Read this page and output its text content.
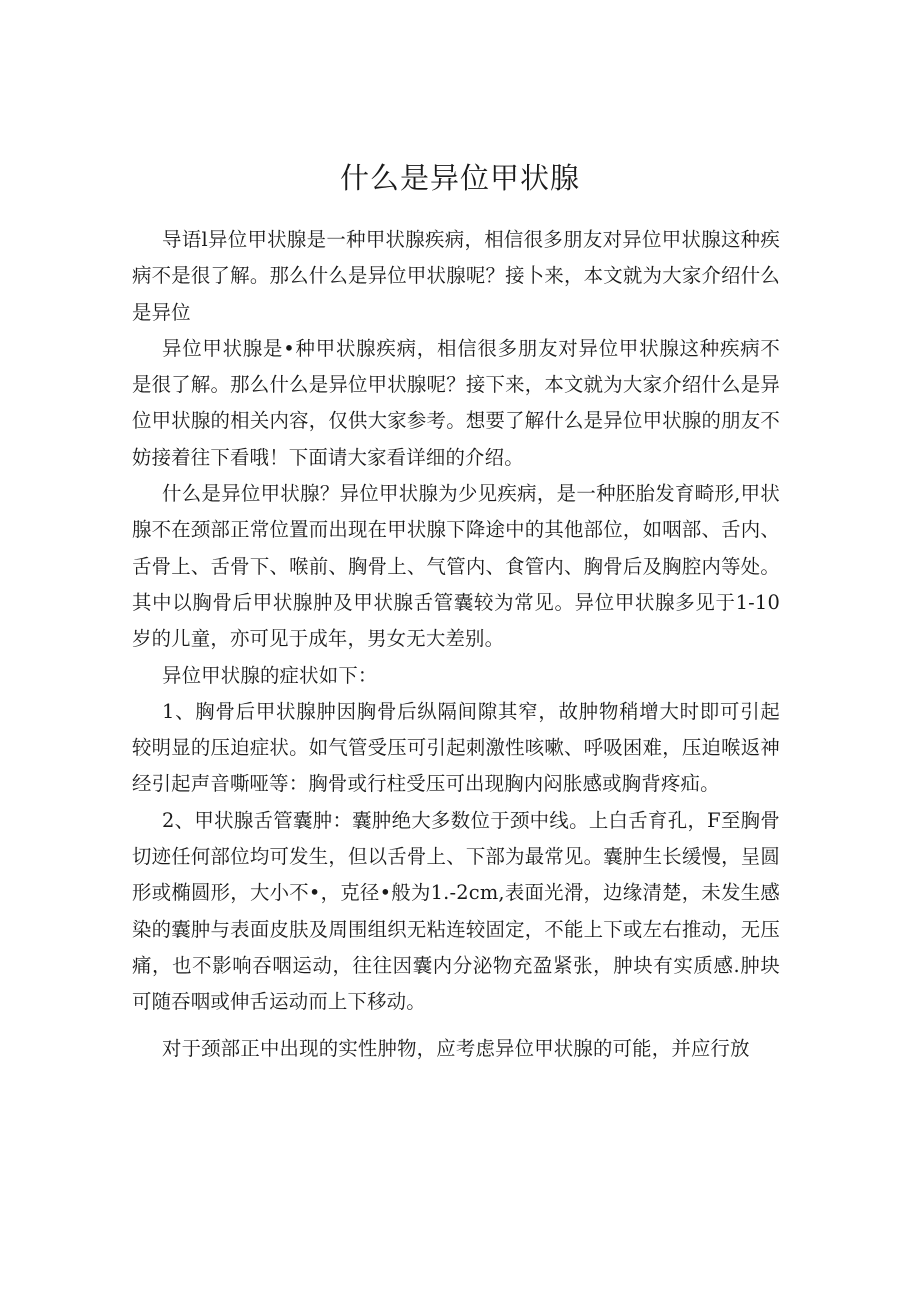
什么是异位甲状腺

导语l异位甲状腺是一种甲状腺疾病，相信很多朋友对异位甲状腺这种疾病不是很了解。那么什么是异位甲状腺呢？接卜来，本文就为大家介绍什么是异位

异位甲状腺是•种甲状腺疾病，相信很多朋友对异位甲状腺这种疾病不是很了解。那么什么是异位甲状腺呢？接下来，本文就为大家介绍什么是异位甲状腺的相关内容，仅供大家参考。想要了解什么是异位甲状腺的朋友不妨接着往下看哦！下面请大家看详细的介绍。

什么是异位甲状腺？异位甲状腺为少见疾病，是一种胚胎发育畸形,甲状腺不在颈部正常位置而出现在甲状腺下降途中的其他部位，如咽部、舌内、舌骨上、舌骨下、喉前、胸骨上、气管内、食管内、胸骨后及胸腔内等处。其中以胸骨后甲状腺肿及甲状腺舌管囊较为常见。异位甲状腺多见于1-10岁的儿童，亦可见于成年，男女无大差别。

异位甲状腺的症状如下：

1、胸骨后甲状腺肿因胸骨后纵隔间隙其窄，故肿物稍增大时即可引起较明显的压迫症状。如气管受压可引起刺激性咳嗽、呼吸困难，压迫喉返神经引起声音嘶哑等：胸骨或行柱受压可出现胸内闷胀感或胸背疼疝。

2、甲状腺舌管囊肿：囊肿绝大多数位于颈中线。上白舌育孔，F至胸骨切迹任何部位均可发生，但以舌骨上、下部为最常见。囊肿生长缓慢，呈圆形或椭圆形，大小不•，克径•般为1.-2cm,表面光滑，边缘清楚，未发生感染的囊肿与表面皮肤及周围组织无粘连较固定，不能上下或左右推动，无压痛，也不影响吞咽运动，往往因囊内分泌物充盈紧张，肿块有实质感.肿块可随吞咽或伸舌运动而上下移动。

对于颈部正中出现的实性肿物，应考虑异位甲状腺的可能，并应行放
